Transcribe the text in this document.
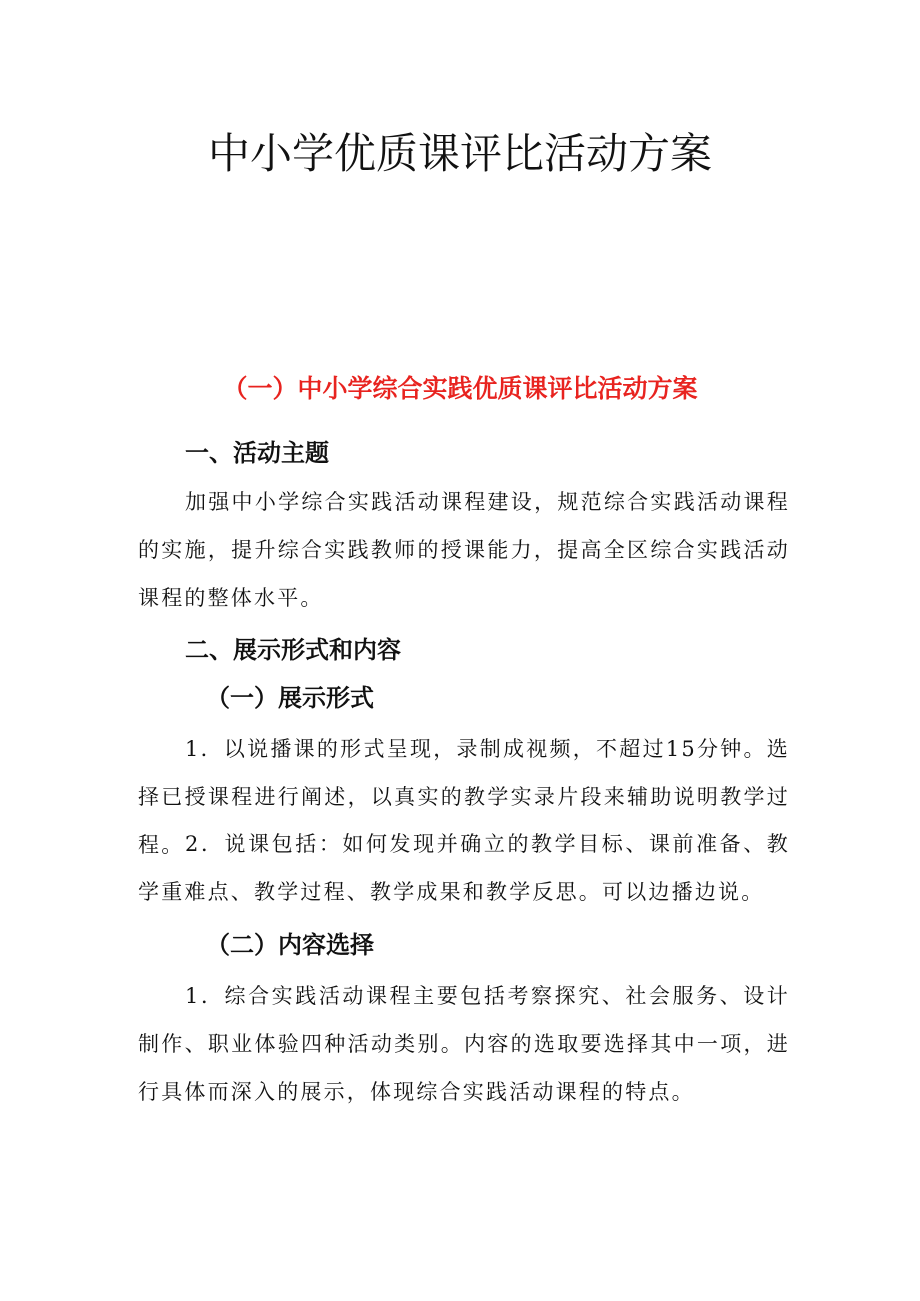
中小学优质课评比活动方案
（一）中小学综合实践优质课评比活动方案
一、活动主题

加强中小学综合实践活动课程建设，规范综合实践活动课程的实施，提升综合实践教师的授课能力，提高全区综合实践活动课程的整体水平。

二、展示形式和内容
（一）展示形式

1．以说播课的形式呈现，录制成视频，不超过15分钟。选择已授课程进行阐述，以真实的教学实录片段来辅助说明教学过程。 2．说课包括：如何发现并确立的教学目标、课前准备、教学重难点、教学过程、教学成果和教学反思。可以边播边说。

（二）内容选择

1．综合实践活动课程主要包括考察探究、社会服务、设计制作、职业体验四种活动类别。内容的选取要选择其中一项，进行具体而深入的展示，体现综合实践活动课程的特点。
